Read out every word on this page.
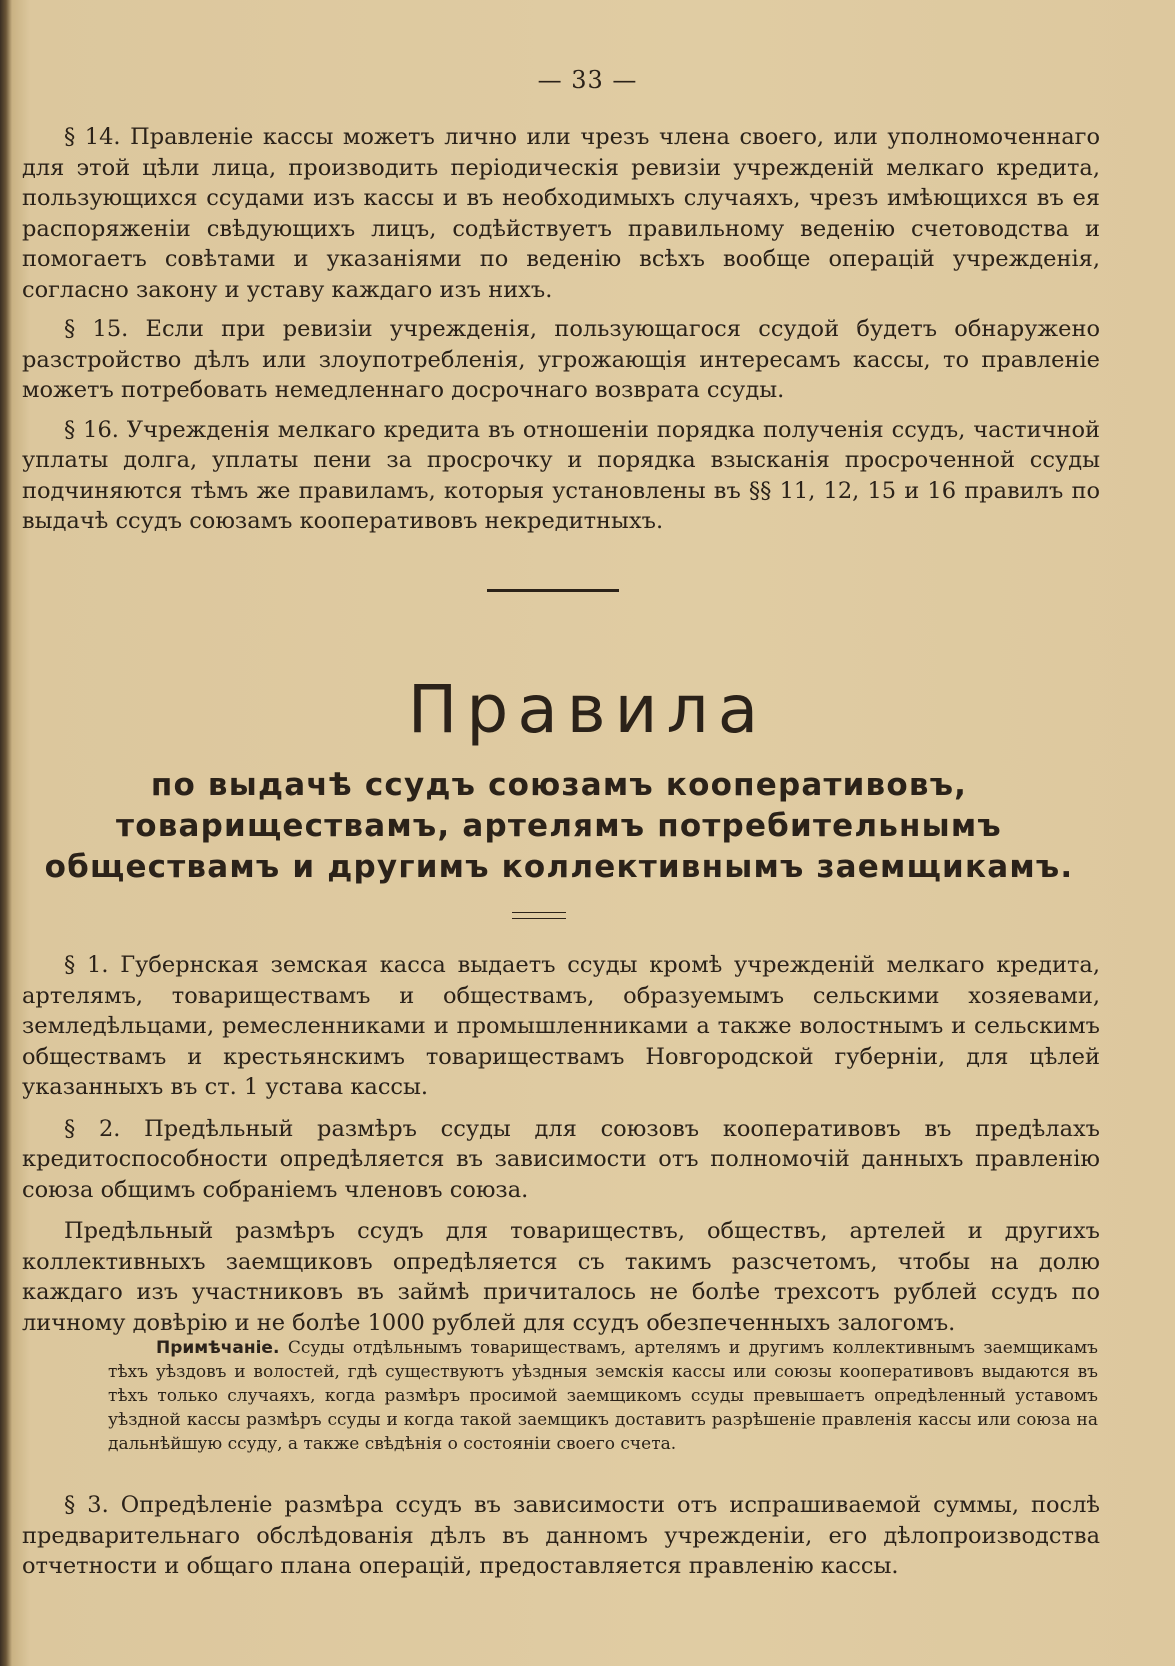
— 33 —

§ 14. Правленіе кассы можетъ лично или чрезъ члена своего, или уполномоченнаго для этой цѣли лица, производить періодическія ревизіи учрежденій мелкаго кредита, пользующихся ссудами изъ кассы и въ необходимыхъ случаяхъ, чрезъ имѣющихся въ ея распоряженіи свѣдующихъ лицъ, содѣйствуетъ правильному веденію счетоводства и помогаетъ совѣтами и указаніями по веденію всѣхъ вообще операцій учрежденія, согласно закону и уставу каждаго изъ нихъ.

§ 15. Если при ревизіи учрежденія, пользующагося ссудой будетъ обнаружено разстройство дѣлъ или злоупотребленія, угрожающія интересамъ кассы, то правленіе можетъ потребовать немедленнаго досрочнаго возврата ссуды.

§ 16. Учрежденія мелкаго кредита въ отношеніи порядка полученія ссудъ, частичной уплаты долга, уплаты пени за просрочку и порядка взысканія просроченной ссуды подчиняются тѣмъ же правиламъ, которыя установлены въ §§ 11, 12, 15 и 16 правилъ по выдачѣ ссудъ союзамъ кооперативовъ некредитныхъ.

Правила
по выдачѣ ссудъ союзамъ кооперативовъ, товариществамъ, артелямъ потребительнымъ обществамъ и другимъ коллективнымъ заемщикамъ.

§ 1. Губернская земская касса выдаетъ ссуды кромѣ учрежденій мелкаго кредита, артелямъ, товариществамъ и обществамъ, образуемымъ сельскими хозяевами, земледѣльцами, ремесленниками и промышленниками а также волостнымъ и сельскимъ обществамъ и крестьянскимъ товариществамъ Новгородской губерніи, для цѣлей указанныхъ въ ст. 1 устава кассы.

§ 2. Предѣльный размѣръ ссуды для союзовъ кооперативовъ въ предѣлахъ кредитоспособности опредѣляется въ зависимости отъ полномочій данныхъ правленію союза общимъ собраніемъ членовъ союза.

Предѣльный размѣръ ссудъ для товариществъ, обществъ, артелей и другихъ коллективныхъ заемщиковъ опредѣляется съ такимъ разсчетомъ, чтобы на долю каждаго изъ участниковъ въ займѣ причиталось не болѣе трехсотъ рублей ссудъ по личному довѣрію и не болѣе 1000 рублей для ссудъ обезпеченныхъ залогомъ.

Примѣчаніе. Ссуды отдѣльнымъ товариществамъ, артелямъ и другимъ коллективнымъ заемщикамъ тѣхъ уѣздовъ и волостей, гдѣ существуютъ уѣздныя земскія кассы или союзы кооперативовъ выдаются въ тѣхъ только случаяхъ, когда размѣръ просимой заемщикомъ ссуды превышаетъ опредѣленный уставомъ уѣздной кассы размѣръ ссуды и когда такой заемщикъ доставитъ разрѣшеніе правленія кассы или союза на дальнѣйшую ссуду, а также свѣдѣнія о состояніи своего счета.

§ 3. Опредѣленіе размѣра ссудъ въ зависимости отъ испрашиваемой суммы, послѣ предварительнаго обслѣдованія дѣлъ въ данномъ учрежденіи, его дѣлопроизводства отчетности и общаго плана операцій, предоставляется правленію кассы.
